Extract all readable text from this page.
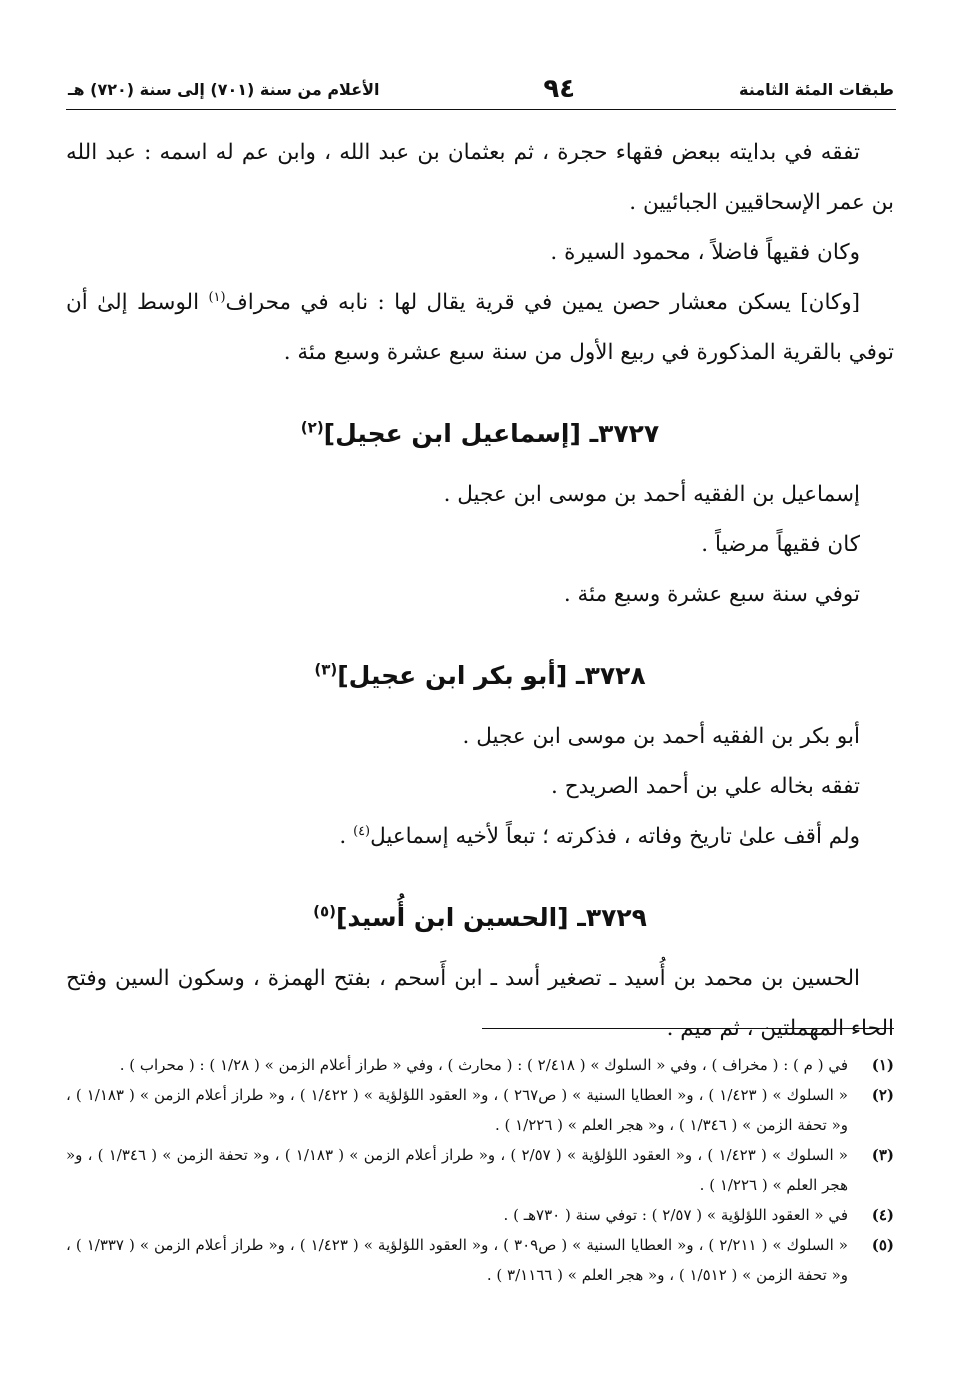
طبقات المئة الثامنة
٩٤
الأعلام من سنة (٧٠١) إلى سنة (٧٢٠) هـ

تفقه في بدايته ببعض فقهاء حجرة ، ثم بعثمان بن عبد الله ، وابن عم له اسمه : عبد الله بن عمر الإسحاقيين الجبائيين .

وكان فقيهاً فاضلاً ، محمود السيرة .

[وكان] يسكن معشار حصن يمين في قرية يقال لها : نابه في محراف$^{(١)}$ الوسط إلىٰ أن توفي بالقرية المذكورة في ربيع الأول من سنة سبع عشرة وسبع مئة .

٣٧٢٧ـ [إسماعيل ابن عجيل]$^{(٢)}$

إسماعيل بن الفقيه أحمد بن موسى ابن عجيل .

كان فقيهاً مرضياً .

توفي سنة سبع عشرة وسبع مئة .

٣٧٢٨ـ [أبو بكر ابن عجيل]$^{(٣)}$

أبو بكر بن الفقيه أحمد بن موسى ابن عجيل .

تفقه بخاله علي بن أحمد الصريدح .

ولم أقف علىٰ تاريخ وفاته ، فذكرته ؛ تبعاً لأخيه إسماعيل$^{(٤)}$ .

٣٧٢٩ـ [الحسين ابن أُسيد]$^{(٥)}$

الحسين بن محمد بن أُسيد ـ تصغير أسد ـ ابن أَسحم ، بفتح الهمزة ، وسكون السين وفتح الحاء المهملتين ، ثم ميم .

(١)
في ( م ) : ( مخراف ) ، وفي « السلوك » ( ٢/٤١٨ ) : ( محارث ) ، وفي « طراز أعلام الزمن » ( ١/٢٨ ) : ( محراب ) .
(٢)
« السلوك » ( ١/٤٢٣ ) ، و« العطايا السنية » ( ص٢٦٧ ) ، و« العقود اللؤلؤية » ( ١/٤٢٢ ) ، و« طراز أعلام الزمن » ( ١/١٨٣ ) ، و« تحفة الزمن » ( ١/٣٤٦ ) ، و« هجر العلم » ( ١/٢٢٦ ) .
(٣)
« السلوك » ( ١/٤٢٣ ) ، و« العقود اللؤلؤية » ( ٢/٥٧ ) ، و« طراز أعلام الزمن » ( ١/١٨٣ ) ، و« تحفة الزمن » ( ١/٣٤٦ ) ، و« هجر العلم » ( ١/٢٢٦ ) .
(٤)
في « العقود اللؤلؤية » ( ٢/٥٧ ) : توفي سنة ( ٧٣٠هـ ) .
(٥)
« السلوك » ( ٢/٢١١ ) ، و« العطايا السنية » ( ص٣٠٩ ) ، و« العقود اللؤلؤية » ( ١/٤٢٣ ) ، و« طراز أعلام الزمن » ( ١/٣٣٧ ) ، و« تحفة الزمن » ( ١/٥١٢ ) ، و« هجر العلم » ( ٣/١١٦٦ ) .
